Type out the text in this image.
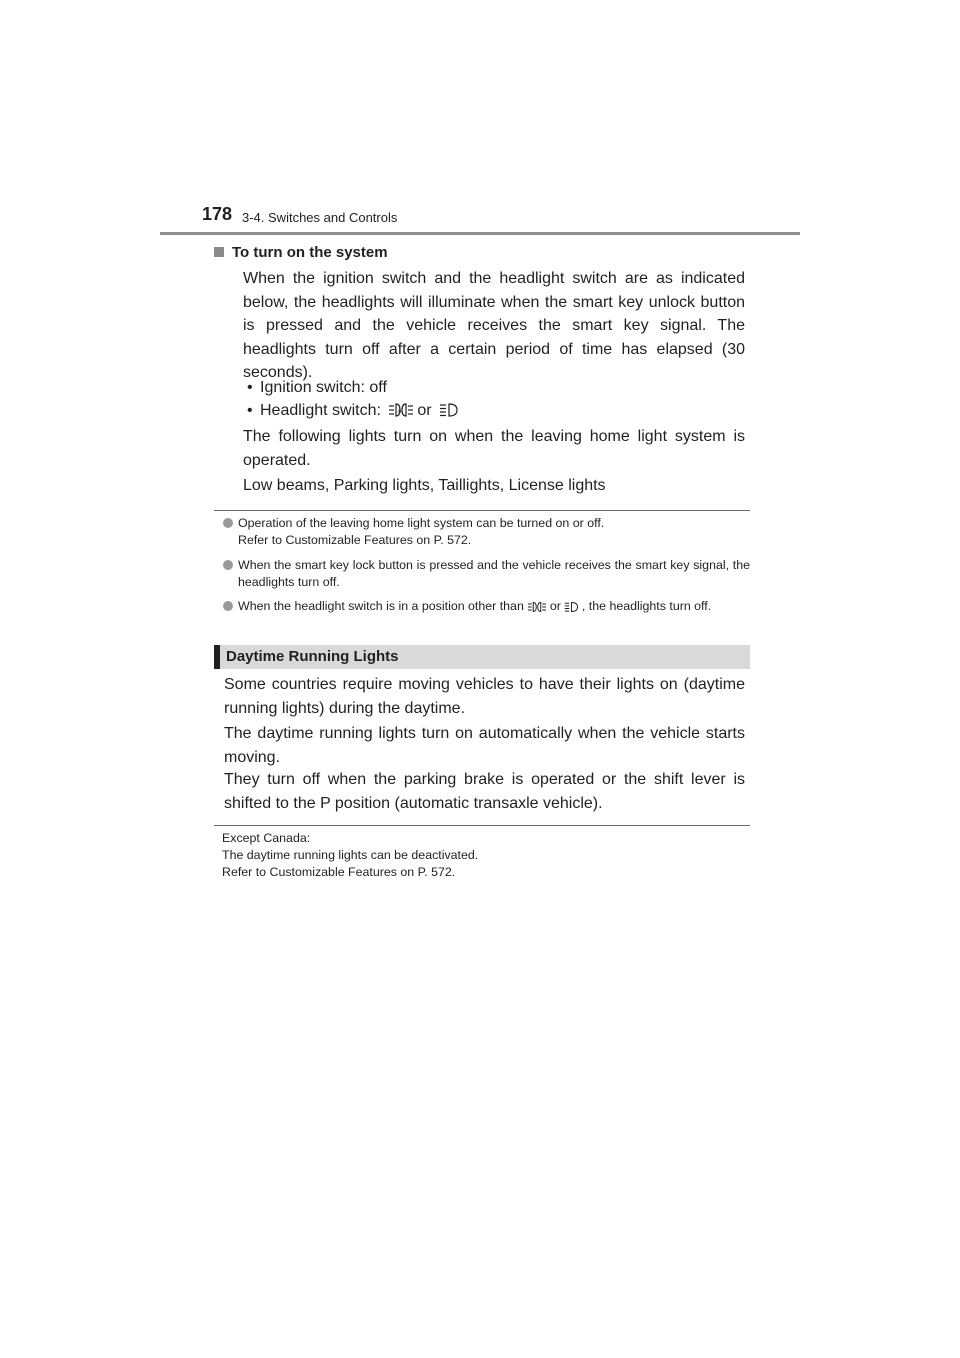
178 3-4. Switches and Controls
To turn on the system
When the ignition switch and the headlight switch are as indicated below, the headlights will illuminate when the smart key unlock button is pressed and the vehicle receives the smart key signal. The headlights turn off after a certain period of time has elapsed (30 seconds).
• Ignition switch: off
• Headlight switch:	A or
The following lights turn on when the leaving home light system is operated.
Low beams, Parking lights, Taillights, License lights
Operation of the leaving home light system can be turned on or off.
Refer to Customizable Features on P. 572.
When the smart key lock button is pressed and the vehicle receives the smart key signal, the headlights turn off.
When the headlight switch is in a position other than or , the headlights turn off.
Daytime Running Lights
Some countries require moving vehicles to have their lights on (daytime running lights) during the daytime.
The daytime running lights turn on automatically when the vehicle starts moving.
They turn off when the parking brake is operated or the shift lever is shifted to the P position (automatic transaxle vehicle).
Except Canada:
The daytime running lights can be deactivated.
Refer to Customizable Features on P. 572.
